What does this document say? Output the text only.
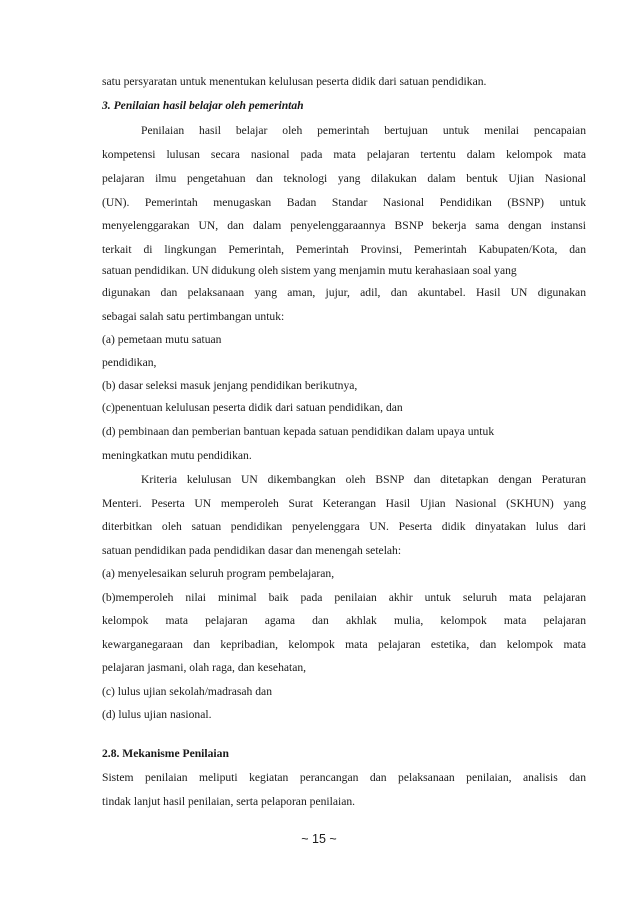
satu persyaratan untuk menentukan kelulusan peserta didik dari satuan pendidikan.
3. Penilaian hasil belajar oleh pemerintah
Penilaian hasil belajar oleh pemerintah bertujuan untuk menilai pencapaian
kompetensi lulusan secara nasional pada mata pelajaran tertentu dalam kelompok mata
pelajaran ilmu pengetahuan dan teknologi yang dilakukan dalam bentuk Ujian Nasional
(UN). Pemerintah menugaskan Badan Standar Nasional Pendidikan (BSNP) untuk
menyelenggarakan UN, dan dalam penyelenggaraannya BSNP bekerja sama dengan instansi
terkait di lingkungan Pemerintah, Pemerintah Provinsi, Pemerintah Kabupaten/Kota, dan
satuan pendidikan. UN didukung oleh sistem yang menjamin mutu kerahasiaan soal yang
digunakan dan pelaksanaan yang aman, jujur, adil, dan akuntabel. Hasil UN digunakan
sebagai salah satu pertimbangan untuk:
(a) pemetaan mutu satuan
pendidikan,
(b) dasar seleksi masuk jenjang pendidikan berikutnya,
(c)penentuan kelulusan peserta didik dari satuan pendidikan, dan
(d) pembinaan dan pemberian bantuan kepada satuan pendidikan dalam upaya untuk
meningkatkan mutu pendidikan.
Kriteria kelulusan UN dikembangkan oleh BSNP dan ditetapkan dengan Peraturan
Menteri. Peserta UN memperoleh Surat Keterangan Hasil Ujian Nasional (SKHUN) yang
diterbitkan oleh satuan pendidikan penyelenggara UN. Peserta didik dinyatakan lulus dari
satuan pendidikan pada pendidikan dasar dan menengah setelah:
(a) menyelesaikan seluruh program pembelajaran,
(b)memperoleh nilai minimal baik pada penilaian akhir untuk seluruh mata pelajaran
kelompok mata pelajaran agama dan akhlak mulia, kelompok mata pelajaran
kewarganegaraan dan kepribadian, kelompok mata pelajaran estetika, dan kelompok mata
pelajaran jasmani, olah raga, dan kesehatan,
(c) lulus ujian sekolah/madrasah dan
(d) lulus ujian nasional.
2.8. Mekanisme Penilaian
Sistem penilaian meliputi kegiatan perancangan dan pelaksanaan penilaian, analisis dan
tindak lanjut hasil penilaian, serta pelaporan penilaian.
~ 15 ~
